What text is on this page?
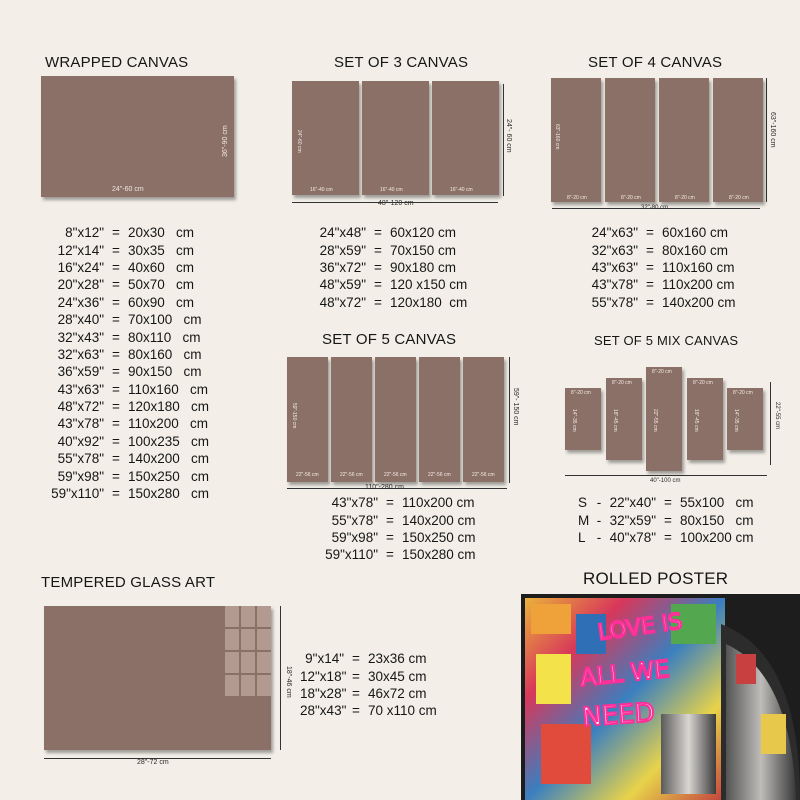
WRAPPED CANVAS
24"-60 cm
36"-90 cm
8"x12" = 20x30   cm
12"x14" = 30x35   cm
16"x24" = 40x60   cm
20"x28" = 50x70   cm
24"x36" = 60x90   cm
28"x40" = 70x100   cm
32"x43" = 80x110   cm
32"x63" = 80x160   cm
36"x59" = 90x150   cm
43"x63" = 110x160   cm
48"x72" = 120x180   cm
43"x78" = 110x200   cm
40"x92" = 100x235   cm
55"x78" = 140x200   cm
59"x98" = 150x250   cm
59"x110" = 150x280   cm
SET OF 3 CANVAS
48"-120 cm
24"- 60 cm
24"x48" = 60x120 cm
28"x59" = 70x150 cm
36"x72" = 90x180 cm
48"x59" = 120 x150 cm
48"x72" = 120x180  cm
SET OF 4 CANVAS
32"-80 cm
63"-160 cm
24"x63" = 60x160 cm
32"x63" = 80x160 cm
43"x63" = 110x160 cm
43"x78" = 110x200 cm
55"x78" = 140x200 cm
SET OF 5 CANVAS
110"-280 cm
59"- 150 cm
43"x78" = 110x200 cm
55"x78" = 140x200 cm
59"x98" = 150x250 cm
59"x110" = 150x280 cm
SET OF 5 MIX CANVAS
40"-100 cm
22"-55 cm
S - 22"x40" = 55x100   cm
M - 32"x59" = 80x150   cm
L - 40"x78" = 100x200 cm
TEMPERED GLASS ART
28"-72 cm
18"-46 cm
9"x14" = 23x36 cm
12"x18" = 30x45 cm
18"x28" = 46x72 cm
28"x43" = 70 x110 cm
ROLLED POSTER
LOVE IS
ALL WE
NEED
16"-40 cm	16"-40 cm	16"-40 cm
24"-60 cm
8"-20 cm	8"-20 cm	8"-20 cm	8"-20 cm
63"-160 cm
22"-56 cm	22"-56 cm	22"-56 cm	22"-56 cm	22"-56 cm
59"-150 cm
8"-20 cm
14"-35 cm
8"-20 cm
18"-45 cm
8"-20 cm
22"-55 cm
8"-20 cm
18"-45 cm
8"-20 cm
14"-35 cm
